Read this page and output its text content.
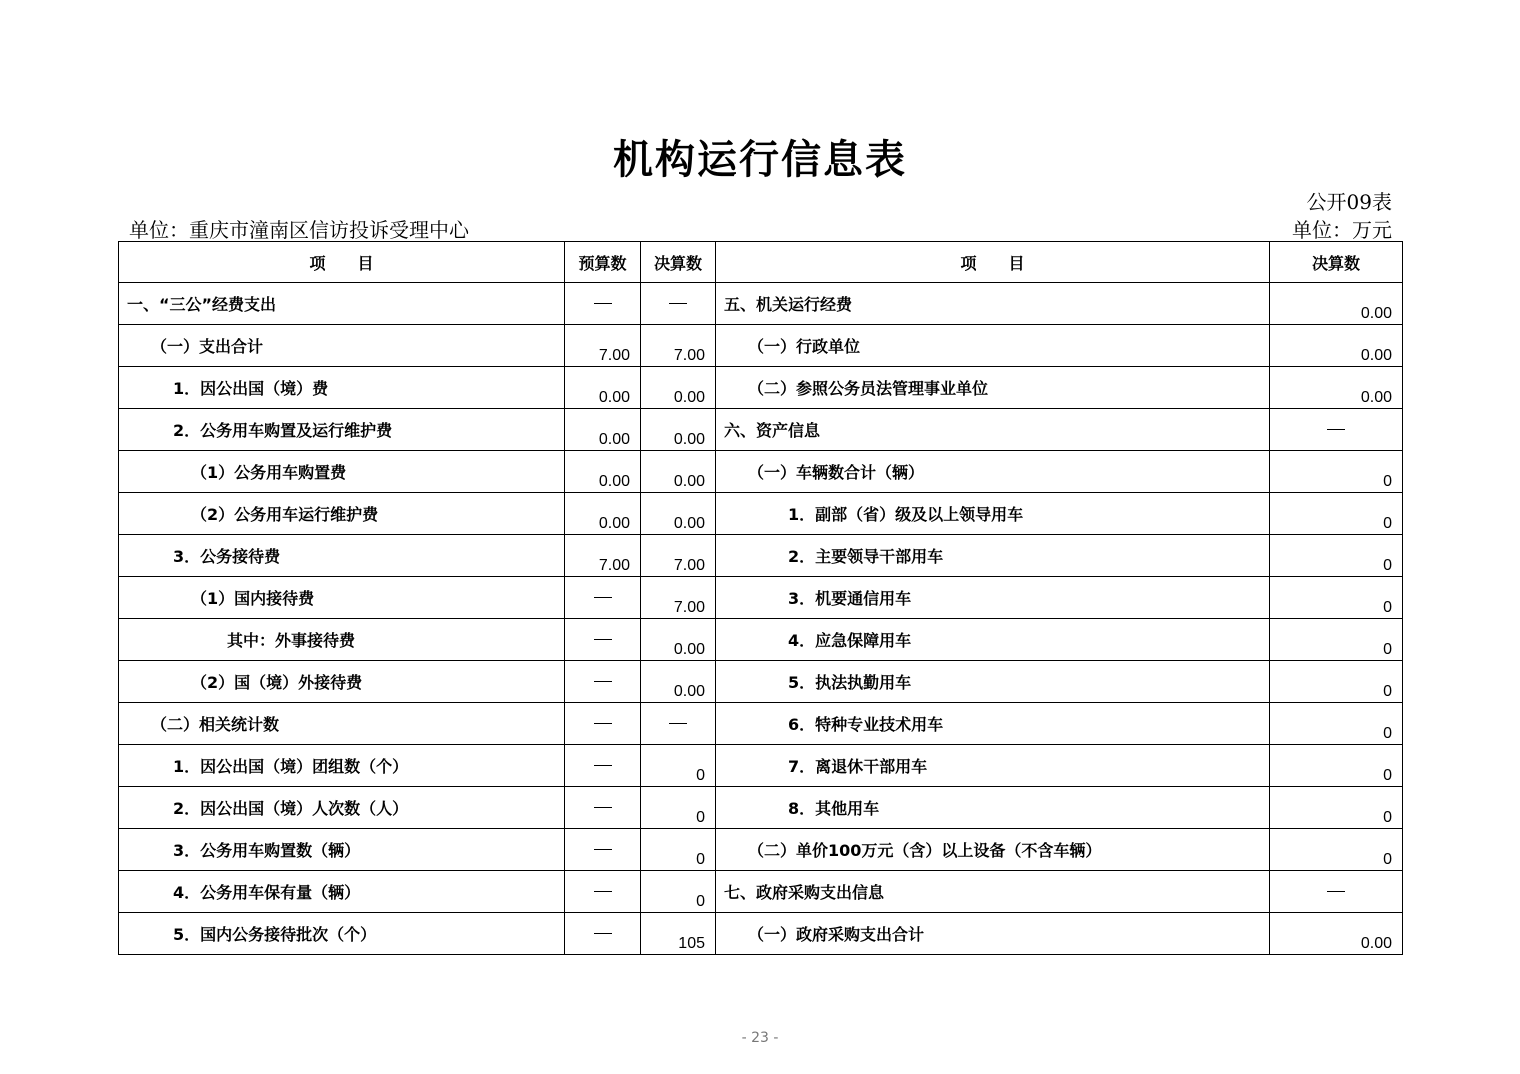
机构运行信息表
公开09表
单位：重庆市潼南区信访投诉受理中心	单位：万元
项　　目	预算数	决算数	项　　目	决算数
一、“三公”经费支出			五、机关运行经费	0.00
（一）支出合计	7.00	7.00	（一）行政单位	0.00
1．因公出国（境）费	0.00	0.00	（二）参照公务员法管理事业单位	0.00
2．公务用车购置及运行维护费	0.00	0.00	六、资产信息	
（1）公务用车购置费	0.00	0.00	（一）车辆数合计（辆）	0
（2）公务用车运行维护费	0.00	0.00	1．副部（省）级及以上领导用车	0
3．公务接待费	7.00	7.00	2．主要领导干部用车	0
（1）国内接待费		7.00	3．机要通信用车	0
其中：外事接待费		0.00	4．应急保障用车	0
（2）国（境）外接待费		0.00	5．执法执勤用车	0
（二）相关统计数			6．特种专业技术用车	0
1．因公出国（境）团组数（个）		0	7．离退休干部用车	0
2．因公出国（境）人次数（人）		0	8．其他用车	0
3．公务用车购置数（辆）		0	（二）单价100万元（含）以上设备（不含车辆）	0
4．公务用车保有量（辆）		0	七、政府采购支出信息	
5．国内公务接待批次（个）		105	（一）政府采购支出合计	0.00
- 23 -
